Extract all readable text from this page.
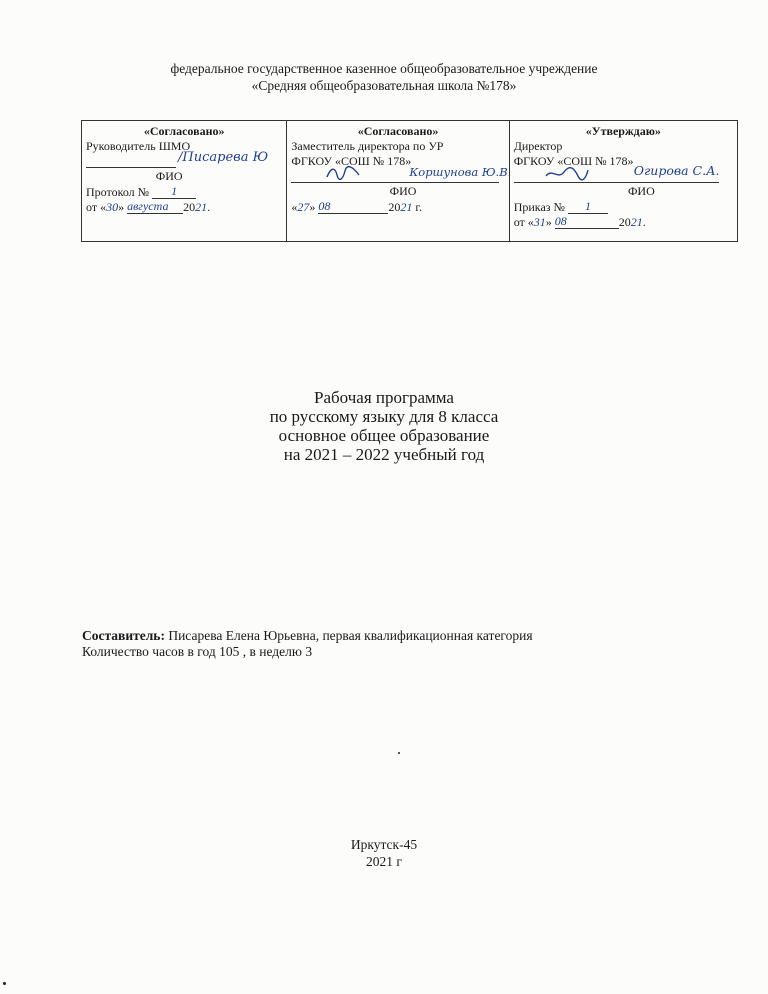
федеральное государственное казенное общеобразовательное учреждение
«Средняя общеобразовательная школа №178»
«Согласовано»
Руководитель ШМО
/Писарева Ю
ФИО
Протокол № 1
от «30» августа 2021.
«Согласовано»
Заместитель директора по УР
ФГКОУ «СОШ № 178»
Коршунова Ю.В.
ФИО
«27» 08	2021 г.
«Утверждаю»
Директор
ФГКОУ «СОШ № 178»
Огирова С.А.
ФИО
Приказ № 1
от «31» 08	2021.
Рабочая программа
по русскому языку для 8 класса
основное общее образование
на 2021 – 2022 учебный год
Составитель: Писарева Елена Юрьевна, первая квалификационная категория
Количество часов в год 105 , в неделю 3
Иркутск-45
2021 г
